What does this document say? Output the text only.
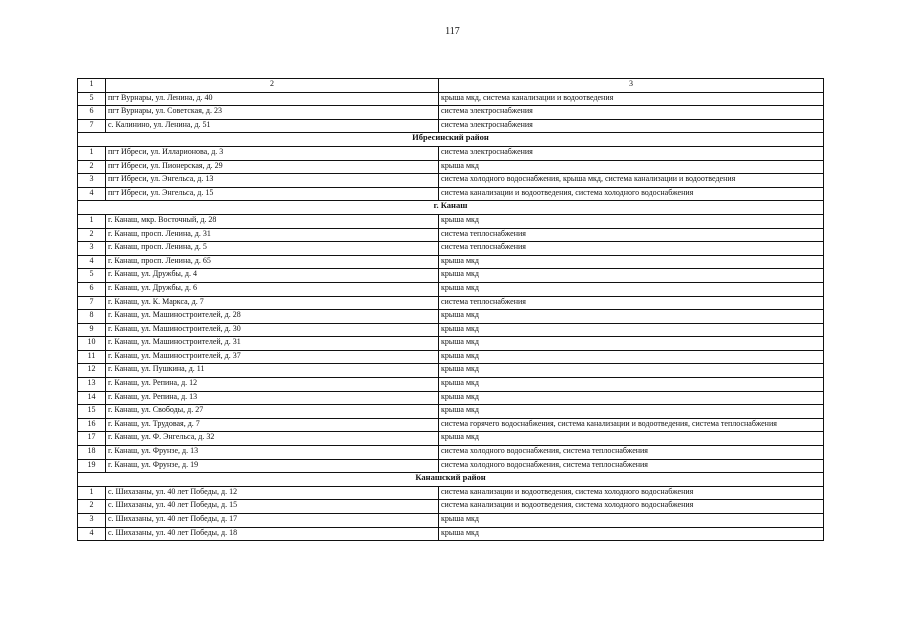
117
1	2	3
5	пгт Вурнары, ул. Ленина, д. 40	крыша мкд, система канализации и водоотведения
6	пгт Вурнары, ул. Советская, д. 23	система электроснабжения
7	с. Калинино, ул. Ленина, д. 51	система электроснабжения
Ибресинский район		
1	пгт Ибреси, ул. Илларионова, д. 3	система электроснабжения
2	пгт Ибреси, ул. Пионерская, д. 29	крыша мкд
3	пгт Ибреси, ул. Энгельса, д. 13	система холодного водоснабжения, крыша мкд, система канализации и водоотведения
4	пгт Ибреси, ул. Энгельса, д. 15	система канализации и водоотведения, система холодного водоснабжения
г. Канаш		
1	г. Канаш, мкр. Восточный, д. 28	крыша мкд
2	г. Канаш, просп. Ленина, д. 31	система теплоснабжения
3	г. Канаш, просп. Ленина, д. 5	система теплоснабжения
4	г. Канаш, просп. Ленина, д. 65	крыша мкд
5	г. Канаш, ул. Дружбы, д. 4	крыша мкд
6	г. Канаш, ул. Дружбы, д. 6	крыша мкд
7	г. Канаш, ул. К. Маркса, д. 7	система теплоснабжения
8	г. Канаш, ул. Машиностроителей, д. 28	крыша мкд
9	г. Канаш, ул. Машиностроителей, д. 30	крыша мкд
10	г. Канаш, ул. Машиностроителей, д. 31	крыша мкд
11	г. Канаш, ул. Машиностроителей, д. 37	крыша мкд
12	г. Канаш, ул. Пушкина, д. 11	крыша мкд
13	г. Канаш, ул. Репина, д. 12	крыша мкд
14	г. Канаш, ул. Репина, д. 13	крыша мкд
15	г. Канаш, ул. Свободы, д. 27	крыша мкд
16	г. Канаш, ул. Трудовая, д. 7	система горячего водоснабжения, система канализации и водоотведения, система теплоснабжения
17	г. Канаш, ул. Ф. Энгельса, д. 32	крыша мкд
18	г. Канаш, ул. Фрунзе, д. 13	система холодного водоснабжения, система теплоснабжения
19	г. Канаш, ул. Фрунзе, д. 19	система холодного водоснабжения, система теплоснабжения
Канашский район		
1	с. Шихазаны, ул. 40 лет Победы, д. 12	система канализации и водоотведения, система холодного водоснабжения
2	с. Шихазаны, ул. 40 лет Победы, д. 15	система канализации и водоотведения, система холодного водоснабжения
3	с. Шихазаны, ул. 40 лет Победы, д. 17	крыша мкд
4	с. Шихазаны, ул. 40 лет Победы, д. 18	крыша мкд
